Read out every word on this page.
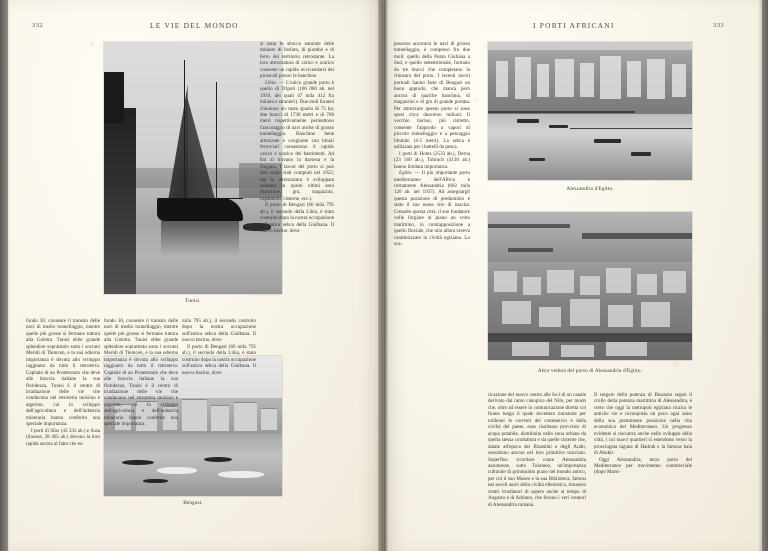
332	LE VIE DEL MONDO	I PORTI AFRICANI	333
Tunisi.
Bengasi.
Alessandria d'Egitto.
Altra veduta del porto di Alessandria d'Egitto.

fondo 30, consente il transito delle navi di medio tonnellaggio, mentre quelle più grosse si fermano tuttora alla Goletta. Tunisi ebbe grande splendore soprattutto sotto i sovrani Meridi di Tlemcen, e la sua odierna importanza è dovuta allo sviluppo raggiunto da tutto il retroterra. Capitale di un Protettorato che deve alle braccia italiane la sua floridezza, Tunisi è il centro di irradiazione delle vie che conducono nel retroterra tunisino e algerino, cui lo sviluppo dell'agricoltura e dell'industria mineraria hanno conferito una speciale importanza.

I porti di Sfax (43 333 ab.) e Susa (Sousse, 28 465 ab.) devono la loro rapida ascesa al fatto che es-

fondo 30, consente il transito delle navi di medio tonnellaggio, mentre quelle più grosse si fermano tuttora alla Goletta. Tunisi ebbe grande splendore soprattutto sotto i sovrani Meridi di Tlemcen, e la sua odierna importanza è dovuta allo sviluppo raggiunto da tutto il retroterra. Capitale di un Protettorato che deve alle braccia italiane la sua floridezza, Tunisi è il centro di irradiazione delle vie che conducono nel retroterra tunisino e algerino, cui lo sviluppo dell'agricoltura e dell'industria mineraria hanno conferito una speciale importanza.

mila 795 ab.), il secondo costruito dopo la nostra occupazione sull'antica sebca della Giulbana. Il nuovo bacino, dove

Il porto di Bengasi (66 mila 795 ab.), il secondo della Libia, è stato costruito dopo la nostra occupazione sull'antica sebca della Giulbana. Il nuovo bacino, dove

si sono lo sbocco naturale delle miniere di fosfato, di piombo e di ferro del territorio retrostante. La loro attrezzatura di carico e scarico consente un rapido avvicendarsi dei piroscafi presso le banchine.

Libia. — L'unico grande porto è quello di Tripoli (106 000 ab. nel 1939, dei quali 47 mila 412 fra italiani e stranieri). Due moli foranei chiudono un vasto spazio di 75 ha; due bracci di 1730 metri e di 780 metri rispettivamente permettono l'ancoraggio di navi anche di grosso tonnellaggio. Banchine bene attrezzate e congiunte con binari ferroviari consentono il rapido carico e scarico dei bastimenti. Ad Est si trovano la darsena e la Dogana. I lavori del porto si può dire siano stati compiuti nel 1922, ma la attrezzatura è sviluppata soltanto in questi ultimi anni (banchine, gru, magazzini, capannoni, cisterne, ecc.).

Il porto di Bengasi (66 mila 795 ab.), il secondo della Libia, è stato costruito dopo la nostra occupazione sull'antica sebca della Giulbana. Il nuovo bacino, dove

possono ancorarsi le navi di grosso tonnellaggio, è compreso fra due moli: quello della Punta Giuliana a Sud, e quello settentrionale, formato da tre bracci che completano la chiusura del porto. I recenti lavori portuali hanno fatto di Bengasi un buon approdo, che manca però ancora di qualche banchina, di magazzini e di gru di grande portata. Per attrezzare questo porto si sono spesi circa duecento milioni. Il vecchio bacino, più ristretto, consente l'approdo a vapori di piccolo tonnellaggio e a pescaggio limitato (4-5 metri). La sebca è utilizzata per i battelli da pesca.

I porti di Homs (2533 ab.), Derna (23 560 ab.), Tobruch (4130 ab.) hanno limitata importanza.

Egitto. — Il più importante porto mediterraneo dell'Africa è certamente Alessandria (682 mila 120 ab. nel 1937). Ad assegnargli questa posizione di predominio è stato il suo nesso sito di nascita. Creando questa città, il suo fondatore volle forgiare al piano un volto marittimo, in contrapposizione a quello fluviale, che nito allora raveva caratterizzato la civiltà egiziana. Lo sca-

ricazione del nuovo centro alle foci di un canale derivato dal ramo canopico del Nilo, per modo che, oltre ad essere in comunicazione diretta col fiume lungo il quale dovettero transitare per millenni le correnti del commercio e della civiltà del paese, esso risultasse provvisto di acqua potabile, distribuita nella zona urbana da quella stessa conduttura e da quelle cisterne che, datate all'epoca dei Bizantini e degli Arabi, sussistono ancora nel loro primitivo tracciato. Superfluo ricordare come Alessandria assumesse, sotto Tolomeo, un'importanza culturale di primissimo piano nel mondo antico, per cui il suo Museo e la sua Biblioteca, famosi nei secoli aurei della civiltà ellenistica, rimasero centri irradiatori di sapere anche al tempo di Augusto e di Adriano, che furono i veri creatori di Alessandria romana.

Il sorgere della potenza di Bisanzio segnò il crollo della potenza marittima di Alessandria, è certo che oggi la metropoli egiziana ricalca le antiche vie e riconquista un poco ogni anno della sua preminente posizione nella vita economica del Mediterraneo. Un progresso evidente si riscontra anche nello sviluppo della città, i cui nuovi quartieri si estendono verso la prosciugata laguna di Hadrah e la famosa baia di Abukir.

Oggi Alessandria, terzo porto del Mediterraneo per movimento commerciale (dopo Marsi-
